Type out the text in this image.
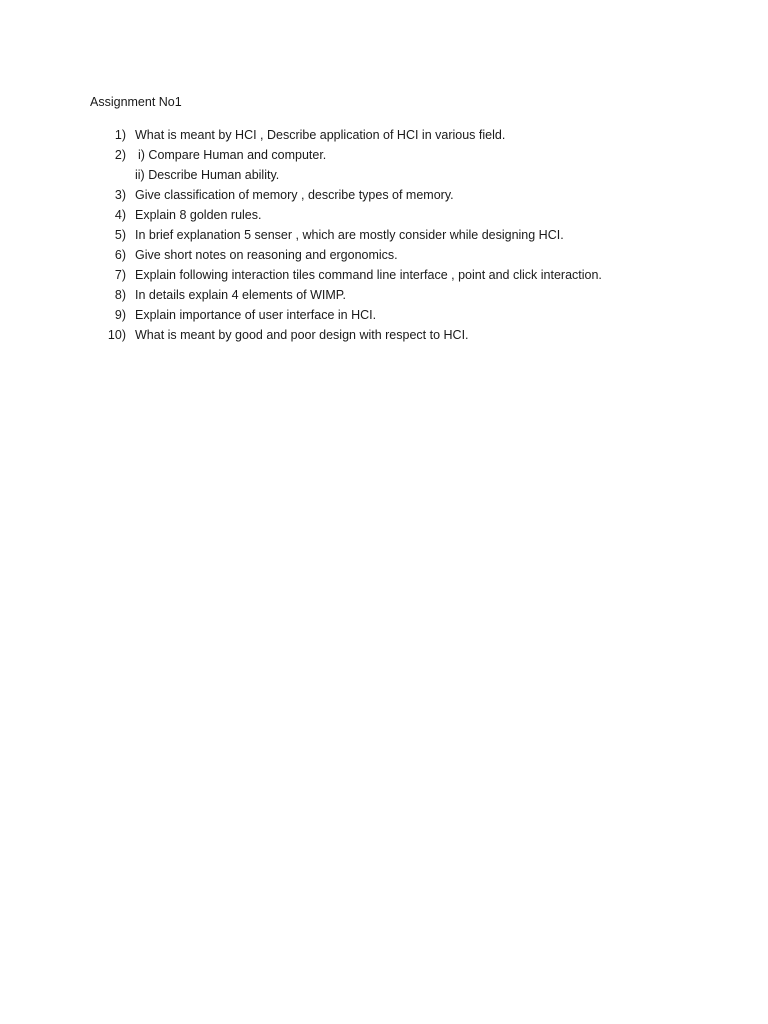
Assignment No1
1) What is meant by HCI , Describe application of HCI in various field.
2) i) Compare Human and computer.
ii) Describe Human ability.
3) Give classification of memory , describe types of memory.
4) Explain 8 golden rules.
5) In brief explanation 5 senser , which are mostly consider while designing HCI.
6) Give short notes on reasoning and ergonomics.
7) Explain following interaction tiles command line interface , point and click interaction.
8) In details explain 4 elements of WIMP.
9) Explain importance of user interface in HCI.
10) What is meant by good and poor design with respect to HCI.
